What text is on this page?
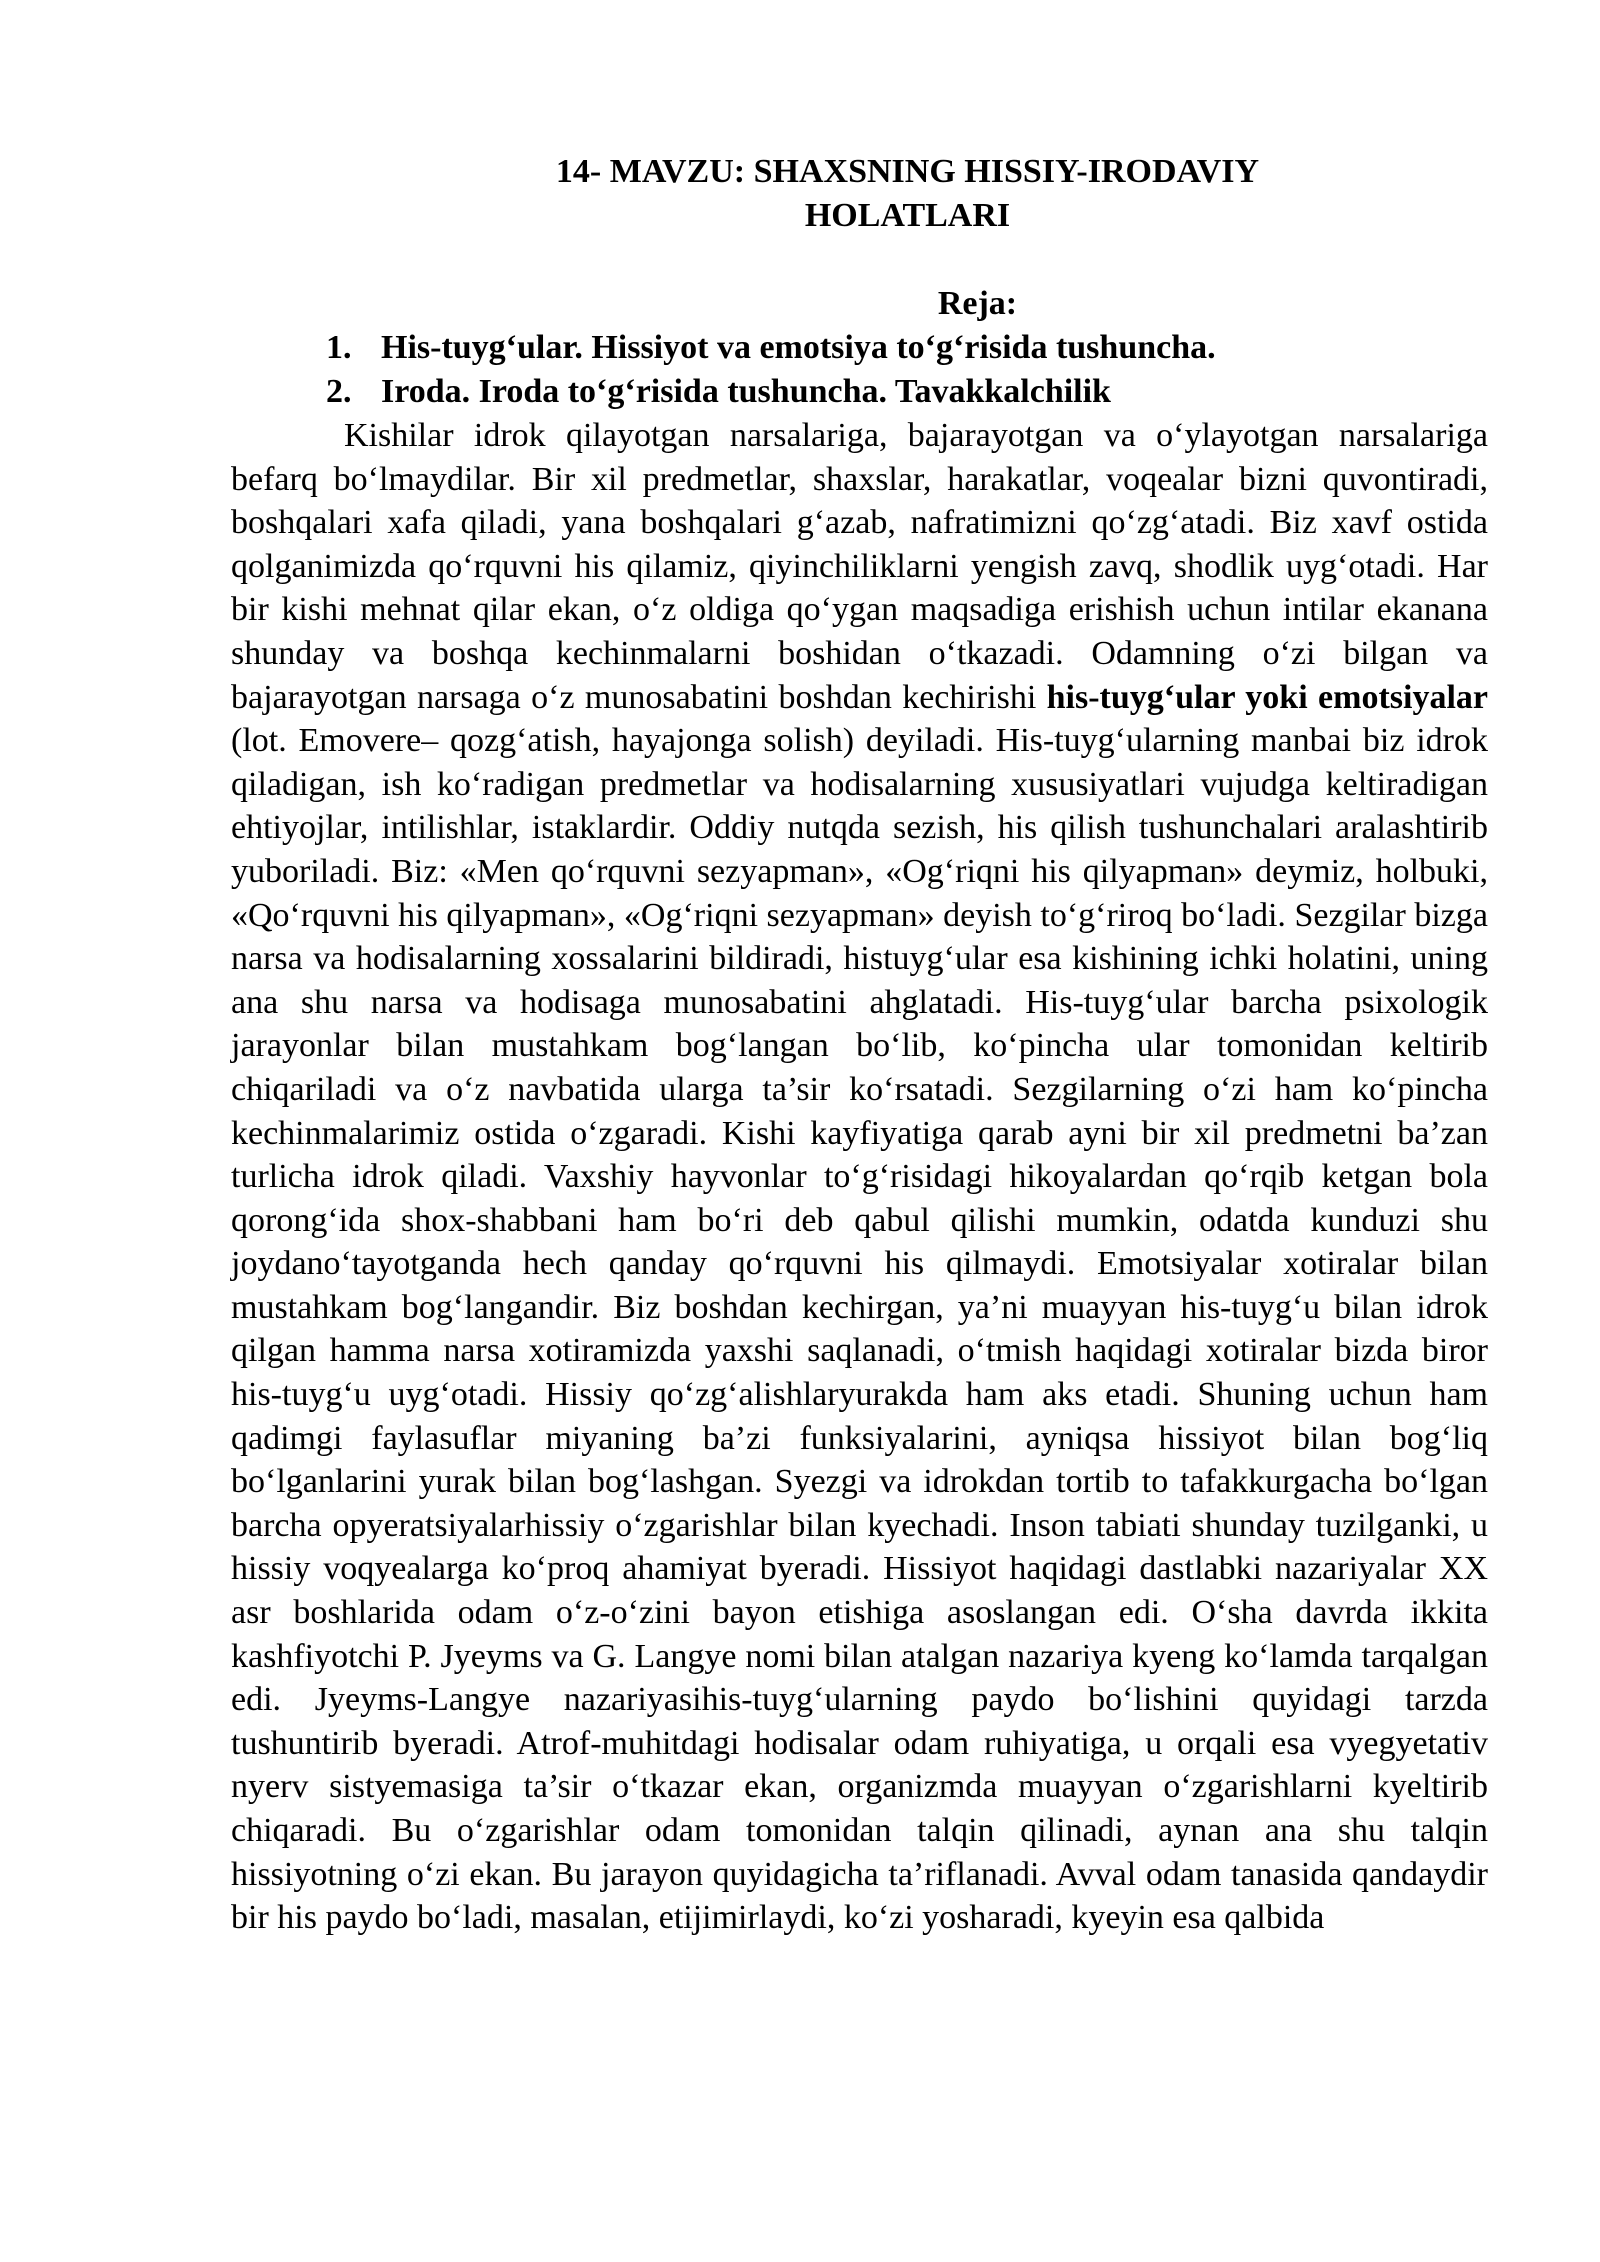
14- MAVZU: SHAXSNING HISSIY-IRODAVIY
HOLATLARI

Reja:

1. His-tuyg‘ular. Hissiyot va emotsiya to‘g‘risida tushuncha.
2. Iroda. Iroda to‘g‘risida tushuncha. Tavakkalchilik

Kishilar idrok qilayotgan narsalariga, bajarayotgan va o‘ylayotgan narsalariga befarq bo‘lmaydilar. Bir xil predmetlar, shaxslar, harakatlar, voqealar bizni quvontiradi, boshqalari xafa qiladi, yana boshqalari g‘azab, nafratimizni qo‘zg‘atadi. Biz xavf ostida qolganimizda qo‘rquvni his qilamiz, qiyinchiliklarni yengish zavq, shodlik uyg‘otadi. Har bir kishi mehnat qilar ekan, o‘z oldiga qo‘ygan maqsadiga erishish uchun intilar ekanana shunday va boshqa kechinmalarni boshidan o‘tkazadi. Odamning o‘zi bilgan va bajarayotgan narsaga o‘z munosabatini boshdan kechirishi his-tuyg‘ular yoki emotsiyalar (lot. Emovere– qozg‘atish, hayajonga solish) deyiladi. His-tuyg‘ularning manbai biz idrok qiladigan, ish ko‘radigan predmetlar va hodisalarning xususiyatlari vujudga keltiradigan ehtiyojlar, intilishlar, istaklardir. Oddiy nutqda sezish, his qilish tushunchalari aralashtirib yuboriladi. Biz: «Men qo‘rquvni sezyapman», «Og‘riqni his qilyapman» deymiz, holbuki, «Qo‘rquvni his qilyapman», «Og‘riqni sezyapman» deyish to‘g‘riroq bo‘ladi. Sezgilar bizga narsa va hodisalarning xossalarini bildiradi, histuyg‘ular esa kishining ichki holatini, uning ana shu narsa va hodisaga munosabatini ahglatadi. His-tuyg‘ular barcha psixologik jarayonlar bilan mustahkam bog‘langan bo‘lib, ko‘pincha ular tomonidan keltirib chiqariladi va o‘z navbatida ularga ta’sir ko‘rsatadi. Sezgilarning o‘zi ham ko‘pincha kechinmalarimiz ostida o‘zgaradi. Kishi kayfiyatiga qarab ayni bir xil predmetni ba’zan turlicha idrok qiladi. Vaxshiy hayvonlar to‘g‘risidagi hikoyalardan qo‘rqib ketgan bola qorong‘ida shox-shabbani ham bo‘ri deb qabul qilishi mumkin, odatda kunduzi shu joydano‘tayotganda hech qanday qo‘rquvni his qilmaydi. Emotsiyalar xotiralar bilan mustahkam bog‘langandir. Biz boshdan kechirgan, ya’ni muayyan his-tuyg‘u bilan idrok qilgan hamma narsa xotiramizda yaxshi saqlanadi, o‘tmish haqidagi xotiralar bizda biror his-tuyg‘u uyg‘otadi. Hissiy qo‘zg‘alishlaryurakda ham aks etadi. Shuning uchun ham qadimgi faylasuflar miyaning ba’zi funksiyalarini, ayniqsa hissiyot bilan bog‘liq bo‘lganlarini yurak bilan bog‘lashgan. Syezgi va idrokdan tortib to tafakkurgacha bo‘lgan barcha opyeratsiyalarhissiy o‘zgarishlar bilan kyechadi. Inson tabiati shunday tuzilganki, u hissiy voqyealarga ko‘proq ahamiyat byeradi. Hissiyot haqidagi dastlabki nazariyalar XX asr boshlarida odam o‘z-o‘zini bayon etishiga asoslangan edi. O‘sha davrda ikkita kashfiyotchi P. Jyeyms va G. Langye nomi bilan atalgan nazariya kyeng ko‘lamda tarqalgan edi. Jyeyms-Langye nazariyasihis-tuyg‘ularning paydo bo‘lishini quyidagi tarzda tushuntirib byeradi. Atrof-muhitdagi hodisalar odam ruhiyatiga, u orqali esa vyegyetativ nyerv sistyemasiga ta’sir o‘tkazar ekan, organizmda muayyan o‘zgarishlarni kyeltirib chiqaradi. Bu o‘zgarishlar odam tomonidan talqin qilinadi, aynan ana shu talqin hissiyotning o‘zi ekan. Bu jarayon quyidagicha ta’riflanadi. Avval odam tanasida qandaydir bir his paydo bo‘ladi, masalan, etijimirlaydi, ko‘zi yosharadi, kyeyin esa qalbida
